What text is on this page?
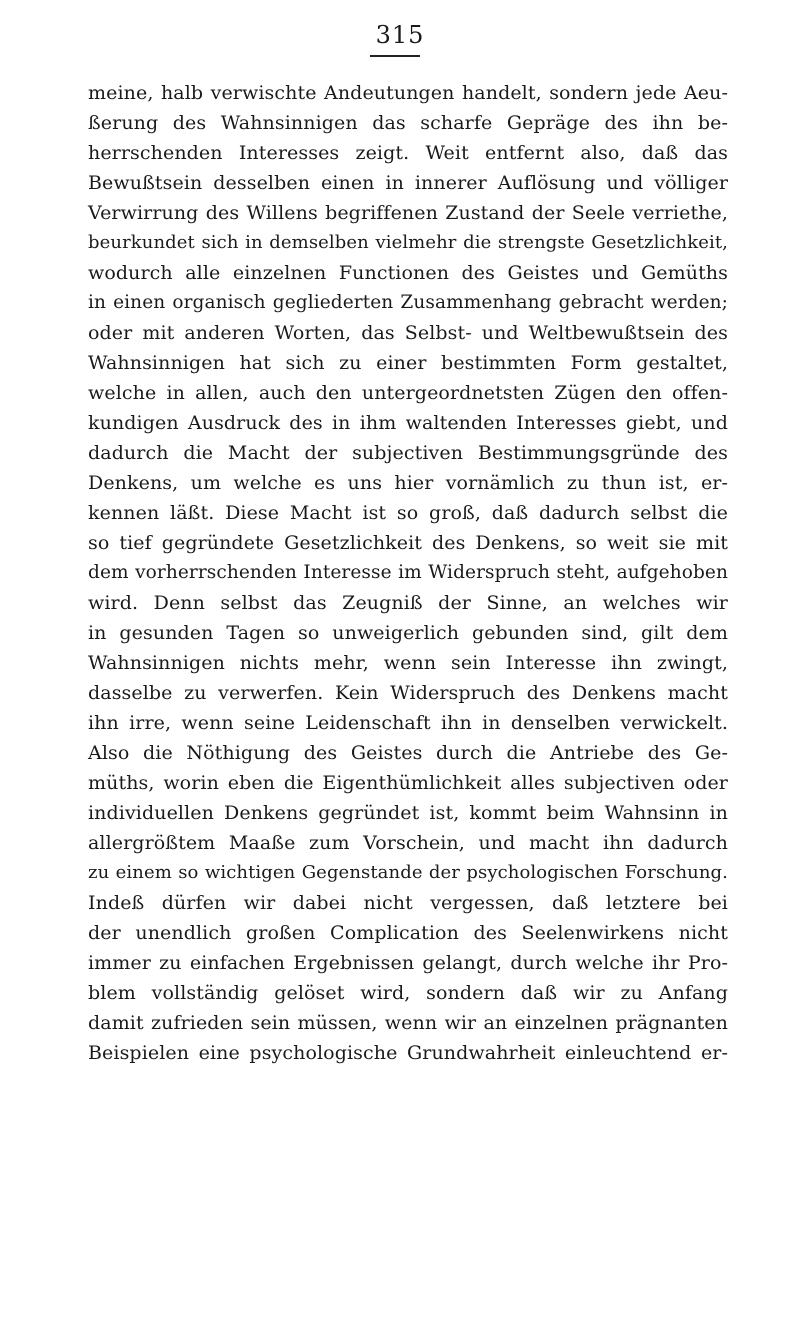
315
meine, halb verwischte Andeutungen handelt, sondern jede Aeu-
ßerung des Wahnsinnigen das scharfe Gepräge des ihn be-
herrschenden Interesses zeigt. Weit entfernt also, daß das
Bewußtsein desselben einen in innerer Auflösung und völliger
Verwirrung des Willens begriffenen Zustand der Seele verriethe,
beurkundet sich in demselben vielmehr die strengste Gesetzlichkeit,
wodurch alle einzelnen Functionen des Geistes und Gemüths
in einen organisch gegliederten Zusammenhang gebracht werden;
oder mit anderen Worten, das Selbst- und Weltbewußtsein des
Wahnsinnigen hat sich zu einer bestimmten Form gestaltet,
welche in allen, auch den untergeordnetsten Zügen den offen-
kundigen Ausdruck des in ihm waltenden Interesses giebt, und
dadurch die Macht der subjectiven Bestimmungsgründe des
Denkens, um welche es uns hier vornämlich zu thun ist, er-
kennen läßt. Diese Macht ist so groß, daß dadurch selbst die
so tief gegründete Gesetzlichkeit des Denkens, so weit sie mit
dem vorherrschenden Interesse im Widerspruch steht, aufgehoben
wird. Denn selbst das Zeugniß der Sinne, an welches wir
in gesunden Tagen so unweigerlich gebunden sind, gilt dem
Wahnsinnigen nichts mehr, wenn sein Interesse ihn zwingt,
dasselbe zu verwerfen. Kein Widerspruch des Denkens macht
ihn irre, wenn seine Leidenschaft ihn in denselben verwickelt.
Also die Nöthigung des Geistes durch die Antriebe des Ge-
müths, worin eben die Eigenthümlichkeit alles subjectiven oder
individuellen Denkens gegründet ist, kommt beim Wahnsinn in
allergrößtem Maaße zum Vorschein, und macht ihn dadurch
zu einem so wichtigen Gegenstande der psychologischen Forschung.
Indeß dürfen wir dabei nicht vergessen, daß letztere bei
der unendlich großen Complication des Seelenwirkens nicht
immer zu einfachen Ergebnissen gelangt, durch welche ihr Pro-
blem vollständig gelöset wird, sondern daß wir zu Anfang
damit zufrieden sein müssen, wenn wir an einzelnen prägnanten
Beispielen eine psychologische Grundwahrheit einleuchtend er-
